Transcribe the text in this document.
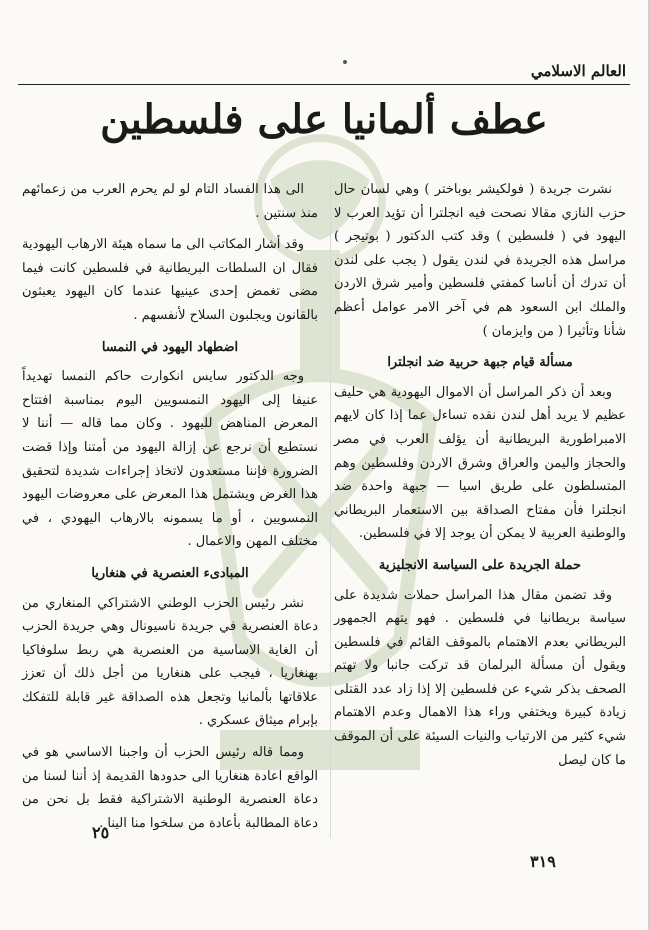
العالم الاسلامي
عطف ألمانيا على فلسطين

نشرت جريدة ( فولكيشر بوباختر ) وهي لسان حال حزب النازي مقالا نصحت فيه انجلترا أن تؤيد العرب لا اليهود في ( فلسطين ) وقد كتب الدكتور ( بوتيجر ) مراسل هذه الجريدة في لندن يقول ( يجب على لندن أن تدرك أن أناسا كمفتي فلسطين وأمير شرق الاردن والملك ابن السعود هم في آخر الامر عوامل أعظم شأنا وتأثيرا ( من وايزمان )

مسألة قيام جبهة حربية ضد انجلترا

وبعد أن ذكر المراسل أن الاموال اليهودية هي حليف عظيم لا يريد أهل لندن نقده تساءل عما إذا كان لايهم الامبراطورية البريطانية أن يؤلف العرب في مصر والحجاز واليمن والعراق وشرق الاردن وفلسطين وهم المتسلطون على طريق اسيا — جبهة واحدة ضد انجلترا فأن مفتاح الصداقة بين الاستعمار البريطاني والوطنية العربية لا يمكن أن يوجد إلا في فلسطين.

حملة الجريدة على السياسة الانجليزية

وقد تضمن مقال هذا المراسل حملات شديدة على سياسة بريطانيا في فلسطين . فهو يتهم الجمهور البريطاني بعدم الاهتمام بالموقف القائم في فلسطين ويقول أن مسألة البرلمان قد تركت جانبا ولا تهتم الصحف بذكر شيء عن فلسطين إلا إذا زاد عدد القتلى زيادة كبيرة ويختفي وراء هذا الاهمال وعدم الاهتمام شيء كثير من الارتياب والنيات السيئة على أن الموقف ما كان ليصل

الى هذا الفساد التام لو لم يحرم العرب من زعمائهم منذ سنتين .

وقد أشار المكاتب الى ما سماه هيئة الارهاب اليهودية فقال ان السلطات البريطانية في فلسطين كانت فيما مضى تغمض إحدى عينيها عندما كان اليهود يعبثون بالقانون ويجلبون السلاح لأنفسهم .

اضطهاد اليهود في النمسا

وجه الدكتور سايس انكوارت حاكم النمسا تهديداً عنيفا إلى اليهود النمسويين اليوم بمناسبة افتتاح المعرض المناهض لليهود . وكان مما قاله — أننا لا نستطيع أن نرجع عن إزالة اليهود من أمتنا وإذا قضت الضرورة فإننا مستعدون لاتخاذ إجراءات شديدة لتحقيق هذا الغرض ويشتمل هذا المعرض على معروضات اليهود النمسويين ، أو ما يسمونه بالارهاب اليهودي ، في مختلف المهن والاعمال .

المبادىء العنصرية في هنغاريا

نشر رئيس الحزب الوطني الاشتراكي المنغاري من دعاة العنصرية في جريدة ناسيونال وهي جريدة الحزب أن الغاية الاساسية من العنصرية هي ربط سلوفاكيا بهنغاريا ، فيجب على هنغاريا من أجل ذلك أن تعزز علاقاتها بألمانيا وتجعل هذه الصداقة غير قابلة للتفكك بإبرام ميثاق عسكري .

ومما قاله رئيس الحزب أن واجبنا الاساسي هو في الواقع اعادة هنغاريا الى حدودها القديمة إذ أننا لسنا من دعاة العنصرية الوطنية الاشتراكية فقط بل نحن من دعاة المطالبة بأعادة من سلخوا منا الينا .

٢٥
٣١٩
